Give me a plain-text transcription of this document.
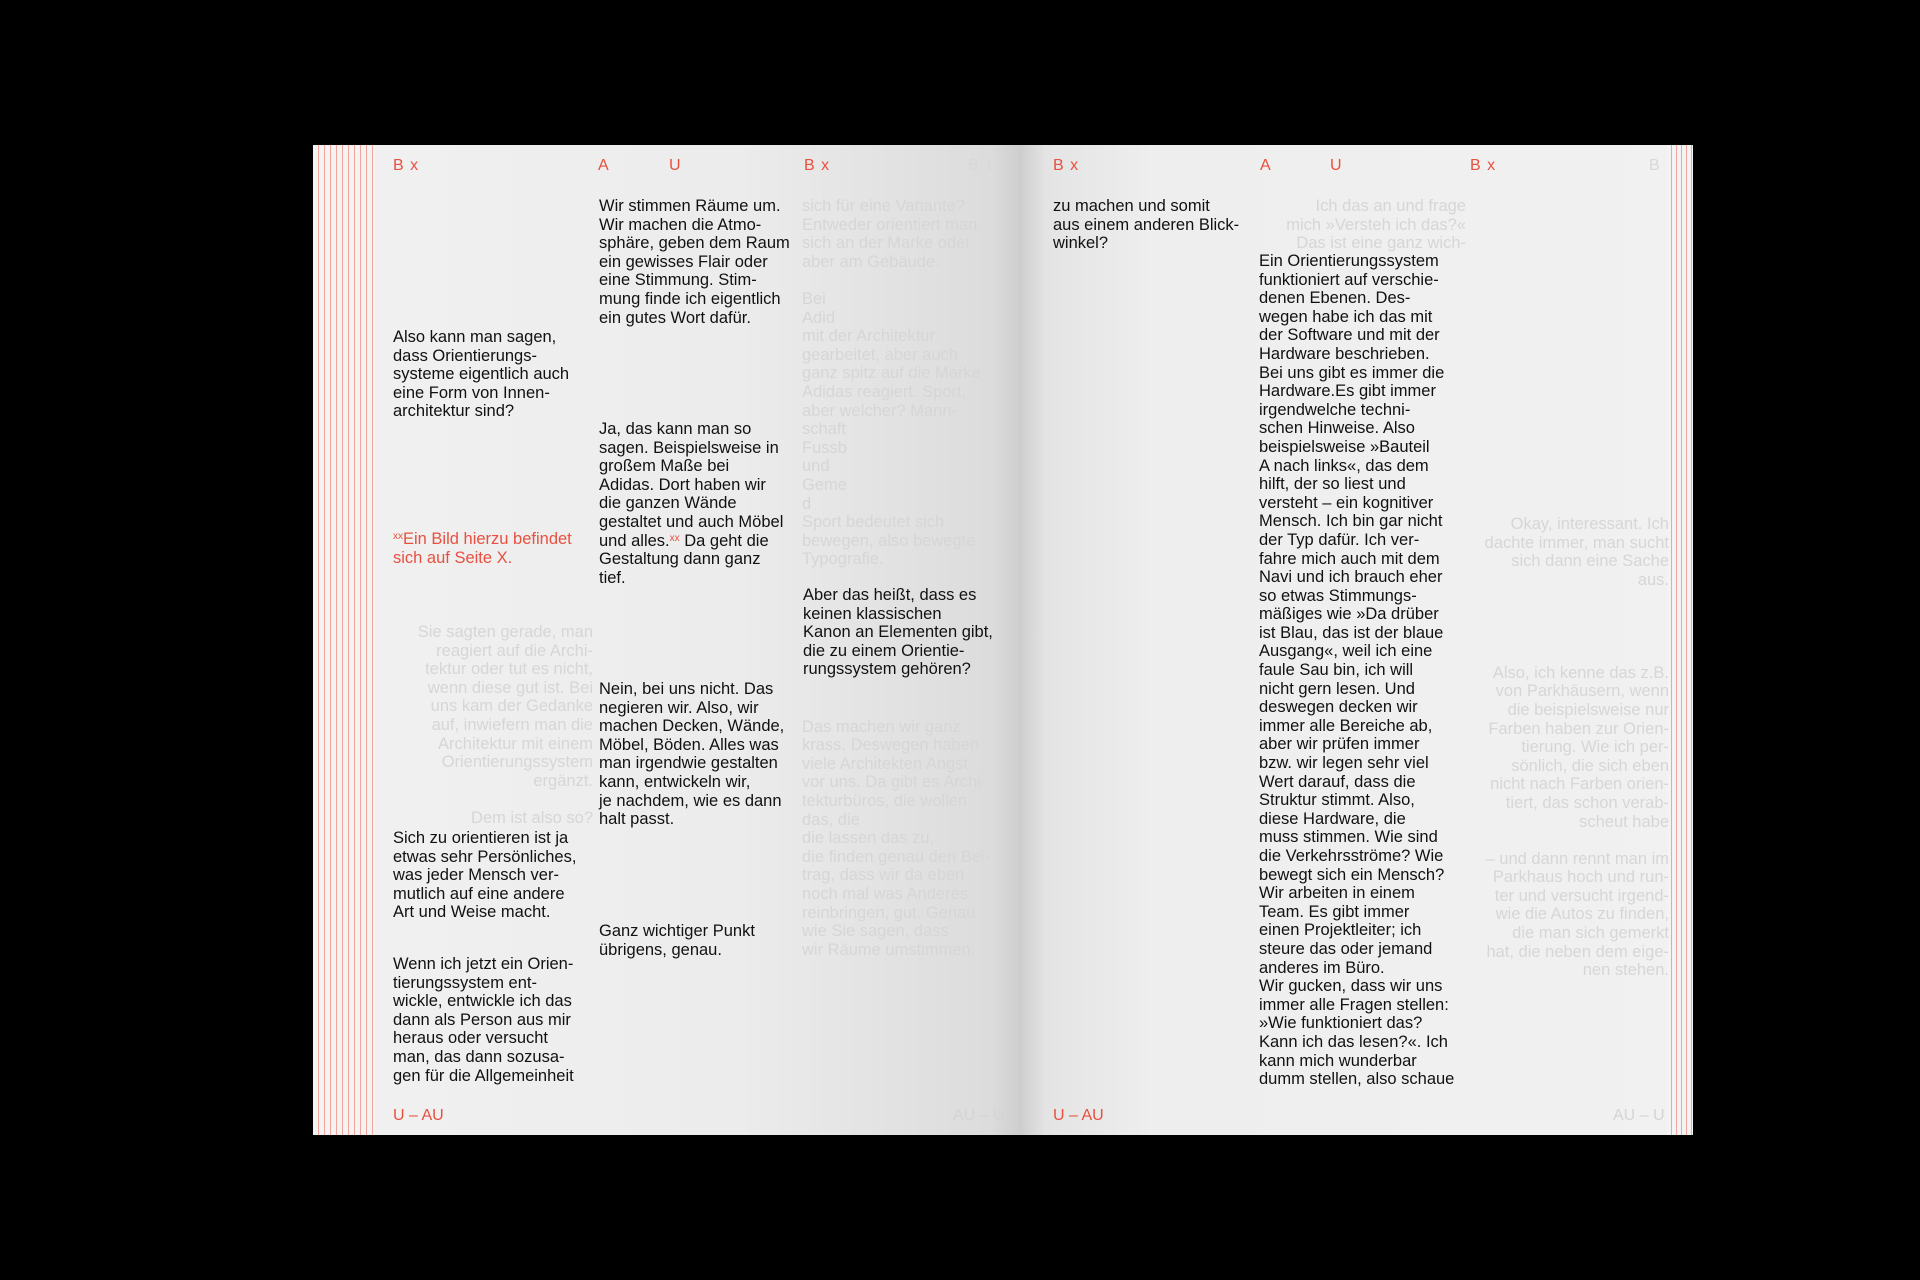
B x	A	U	B x	B 1
Sie sagten gerade, man
reagiert auf die Archi-
tektur oder tut es nicht,
wenn diese gut ist. Bei
uns kam der Gedanke
auf, inwiefern man die
Architektur mit einem
Orientierungssystem
ergänzt.

Dem ist also so?
sich für eine Variante?
Entweder orientiert man
sich an der Marke oder
aber am Gebäude.

Bei
Adid
mit der Architektur
gearbeitet, aber auch
ganz spitz auf die Marke
Adidas reagiert. Sport,
aber welcher? Mann-
schaft
Fussb
und
Geme
d
Sport bedeutet sich
bewegen, also bewegte
Typografie.

Das machen wir ganz
krass. Deswegen haben
viele Architekten Angst
vor uns. Da gibt es Archi-
tekturbüros, die wollen
das, die
die lassen das zu,
die finden genau den Bei-
trag, dass wir da eben
noch mal was Anderes
reinbringen, gut. Genau
wie Sie sagen, dass
wir Räume umstimmen.
Also kann man sagen,
dass Orientierungs-
systeme eigentlich auch
eine Form von Innen-
architektur sind?
$^{xx}$Ein Bild hierzu befindet
sich auf Seite X.
Sich zu orientieren ist ja
etwas sehr Persönliches,
was jeder Mensch ver-
mutlich auf eine andere
Art und Weise macht.
Wenn ich jetzt ein Orien-
tierungssystem ent-
wickle, entwickle ich das
dann als Person aus mir
heraus oder versucht
man, das dann sozusa-
gen für die Allgemeinheit
Wir stimmen Räume um.
Wir machen die Atmo-
sphäre, geben dem Raum
ein gewisses Flair oder
eine Stimmung. Stim-
mung finde ich eigentlich
ein gutes Wort dafür.
Ja, das kann man so
sagen. Beispielsweise in
großem Maße bei
Adidas. Dort haben wir
die ganzen Wände
gestaltet und auch Möbel
und alles.$^{xx}$ Da geht die
Gestaltung dann ganz
tief.
Nein, bei uns nicht. Das
negieren wir. Also, wir
machen Decken, Wände,
Möbel, Böden. Alles was
man irgendwie gestalten
kann, entwickeln wir,
je nachdem, wie es dann
halt passt.
Ganz wichtiger Punkt
übrigens, genau.
Aber das heißt, dass es
keinen klassischen
Kanon an Elementen gibt,
die zu einem Orientie-
rungssystem gehören?
U – AU	AU – U
B x	A	U	B x	B
Ich das an und frage
mich »Versteh ich das?«
Das ist eine ganz wich-
Okay, interessant. Ich
dachte immer, man sucht
sich dann eine Sache
aus.

Also, ich kenne das z.B.
von Parkhäusern, wenn
die beispielsweise nur
Farben haben zur Orien-
tierung. Wie ich per-
sönlich, die sich eben
nicht nach Farben orien-
tiert, das schon verab-
scheut habe

– und dann rennt man im
Parkhaus hoch und run-
ter und versucht irgend-
wie die Autos zu finden,
die man sich gemerkt
hat, die neben dem eige-
nen stehen.
zu machen und somit
aus einem anderen Blick-
winkel?
Ein Orientierungssystem
funktioniert auf verschie-
denen Ebenen. Des-
wegen habe ich das mit
der Software und mit der
Hardware beschrieben.
Bei uns gibt es immer die
Hardware.Es gibt immer
irgendwelche techni-
schen Hinweise. Also
beispielsweise »Bauteil
A nach links«, das dem
hilft, der so liest und
versteht – ein kognitiver
Mensch. Ich bin gar nicht
der Typ dafür. Ich ver-
fahre mich auch mit dem
Navi und ich brauch eher
so etwas Stimmungs-
mäßiges wie »Da drüber
ist Blau, das ist der blaue
Ausgang«, weil ich eine
faule Sau bin, ich will
nicht gern lesen. Und
deswegen decken wir
immer alle Bereiche ab,
aber wir prüfen immer
bzw. wir legen sehr viel
Wert darauf, dass die
Struktur stimmt. Also,
diese Hardware, die
muss stimmen. Wie sind
die Verkehrsströme? Wie
bewegt sich ein Mensch?
Wir arbeiten in einem
Team. Es gibt immer
einen Projektleiter; ich
steure das oder jemand
anderes im Büro.
Wir gucken, dass wir uns
immer alle Fragen stellen:
»Wie funktioniert das?
Kann ich das lesen?«. Ich
kann mich wunderbar
dumm stellen, also schaue
U – AU	AU – U
